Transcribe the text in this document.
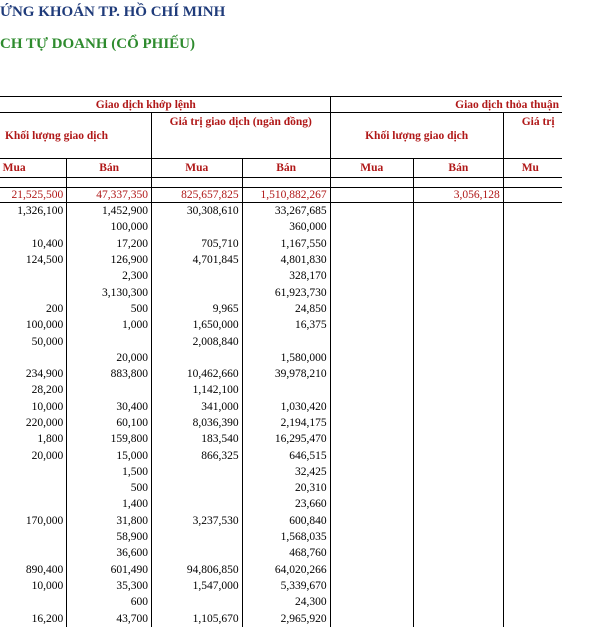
ỨNG KHOÁN TP. HỒ CHÍ MINH
CH TỰ DOANH (CỔ PHIẾU)
Giao dịch khớp lệnh				Giao dịch thỏa thuận		
Khối lượng giao dịch		Giá trị giao dịch (ngàn đồng)		Khối lượng giao dịch		Giá trị
Mua	Bán	Mua	Bán	Mua	Bán	Mu

21,525,500	47,337,350	825,657,825	1,510,882,267		3,056,128	
1,326,100	1,452,900	30,308,610	33,267,685			
	100,000		360,000			
10,400	17,200	705,710	1,167,550			
124,500	126,900	4,701,845	4,801,830			
	2,300		328,170			
	3,130,300		61,923,730			
200	500	9,965	24,850			
100,000	1,000	1,650,000	16,375			
50,000		2,008,840				
	20,000		1,580,000			
234,900	883,800	10,462,660	39,978,210			
28,200		1,142,100				
10,000	30,400	341,000	1,030,420			
220,000	60,100	8,036,390	2,194,175			
1,800	159,800	183,540	16,295,470			
20,000	15,000	866,325	646,515			
	1,500		32,425			
	500		20,310			
	1,400		23,660			
170,000	31,800	3,237,530	600,840			
	58,900		1,568,035			
	36,600		468,760			
890,400	601,490	94,806,850	64,020,266			
10,000	35,300	1,547,000	5,339,670			
	600		24,300			
16,200	43,700	1,105,670	2,965,920			
